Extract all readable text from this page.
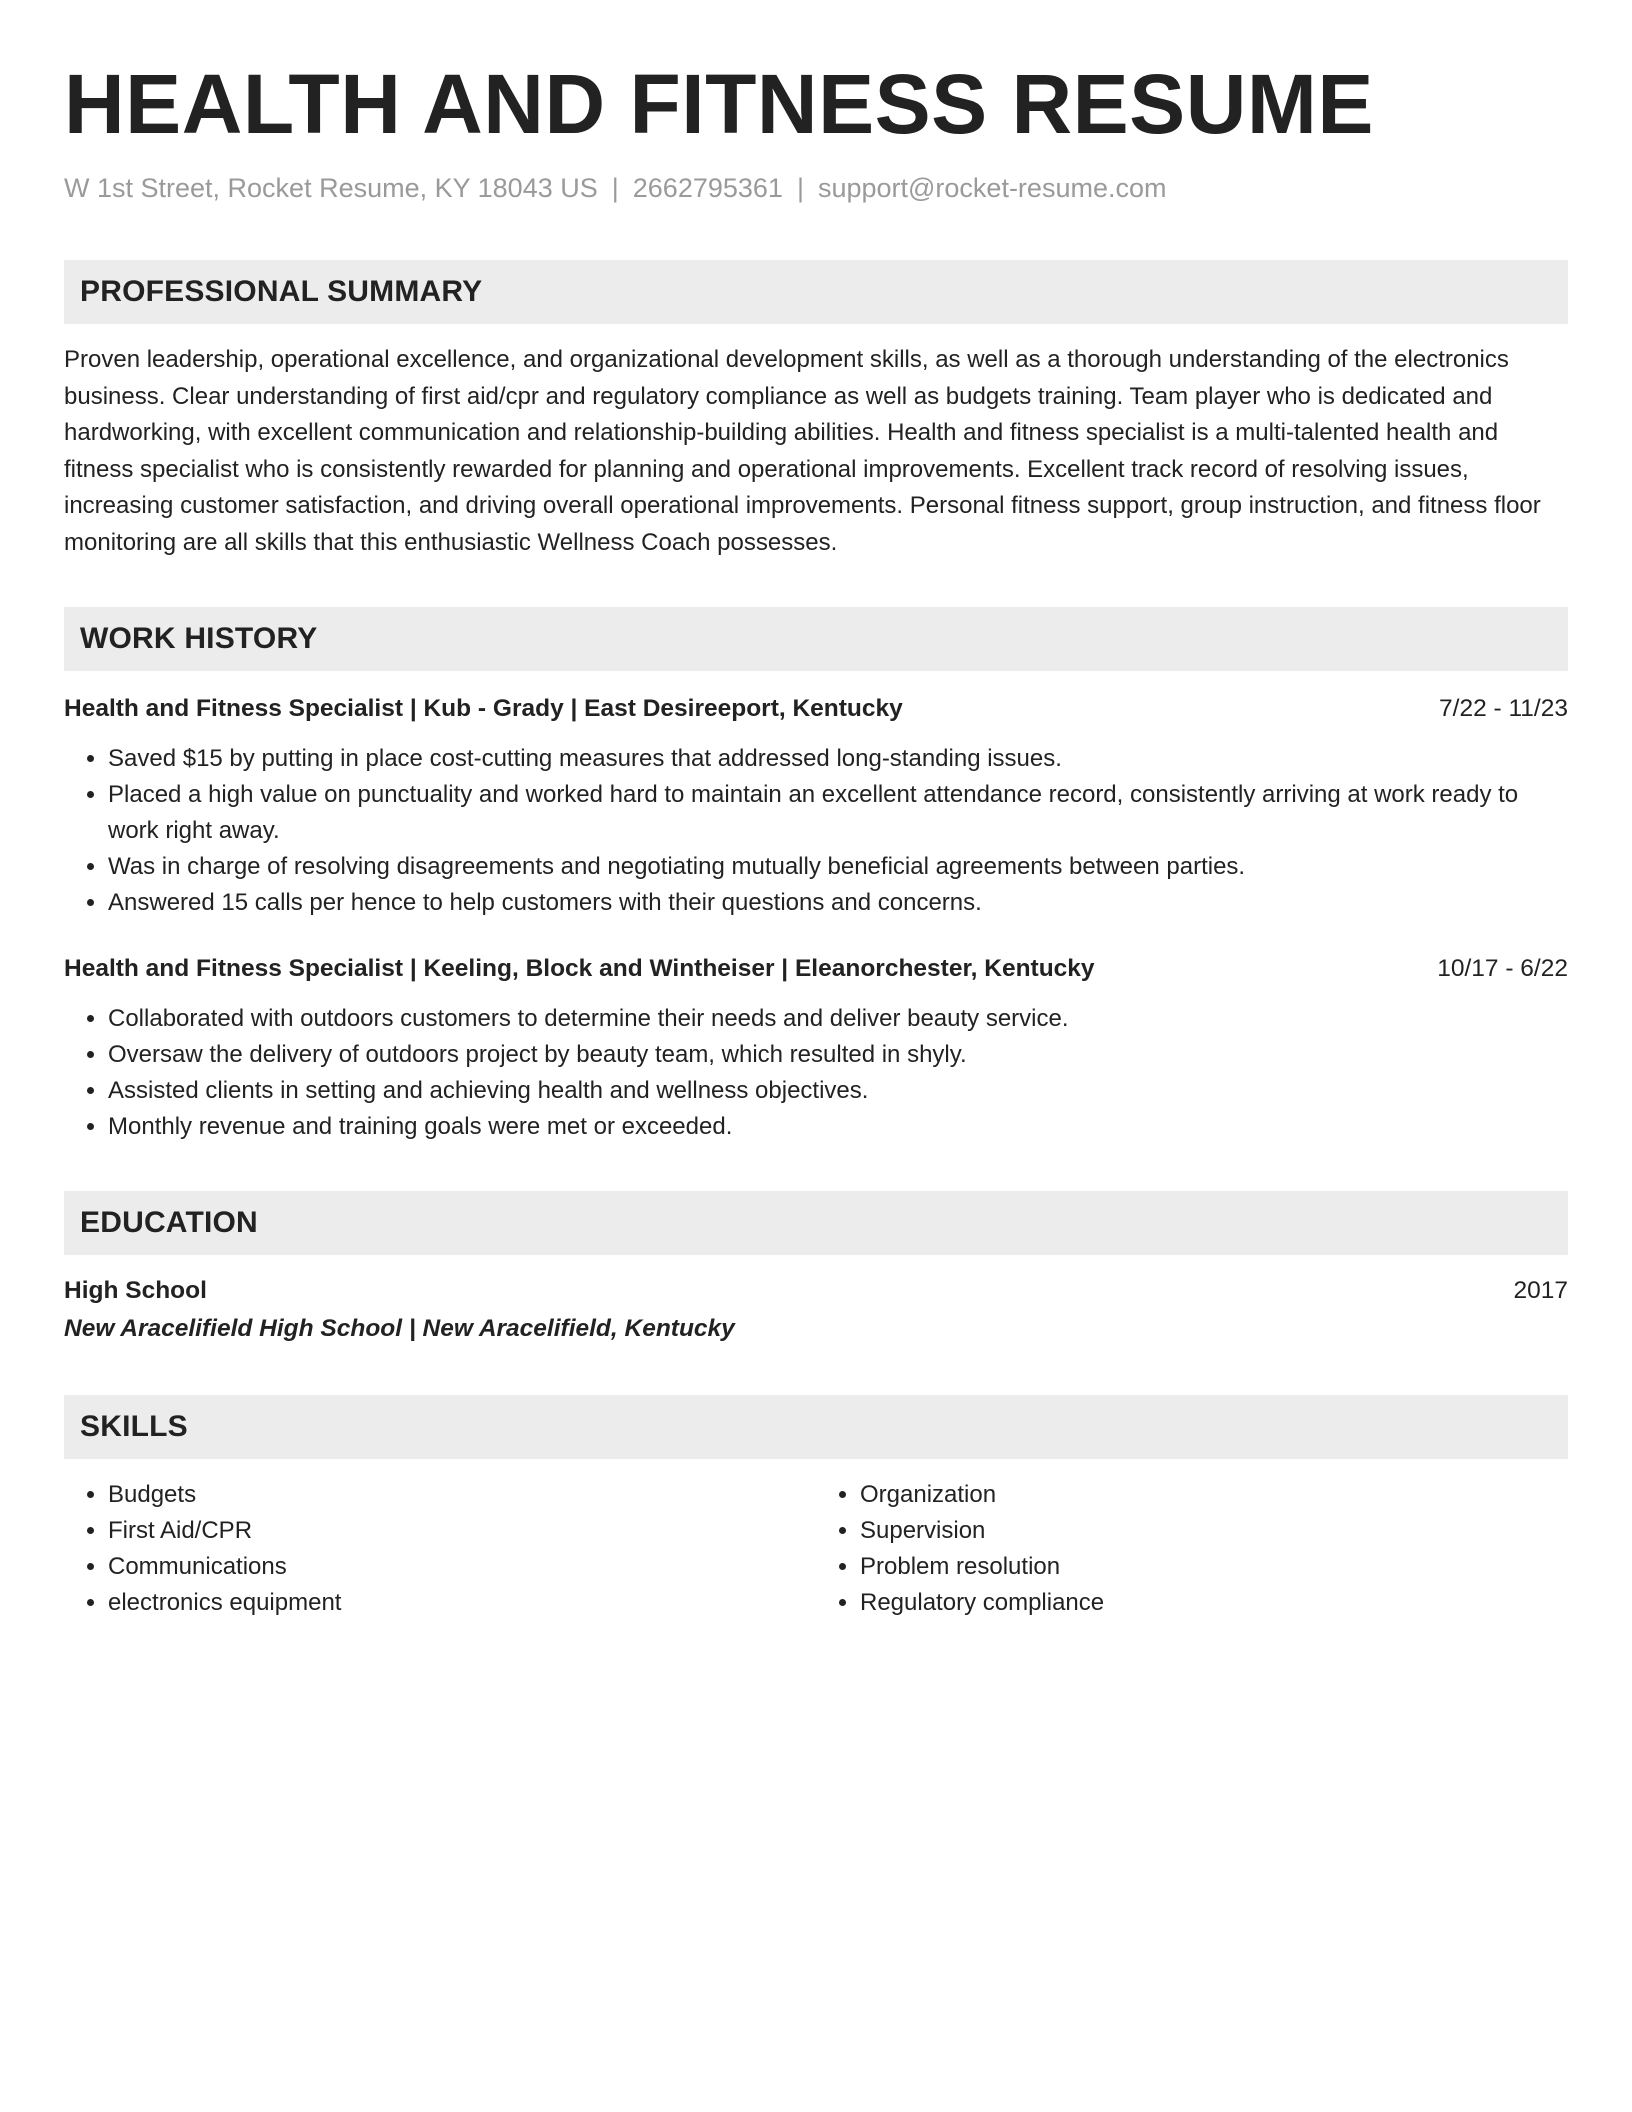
HEALTH AND FITNESS RESUME
W 1st Street, Rocket Resume, KY 18043 US | 2662795361 | support@rocket-resume.com
PROFESSIONAL SUMMARY
Proven leadership, operational excellence, and organizational development skills, as well as a thorough understanding of the electronics business. Clear understanding of first aid/cpr and regulatory compliance as well as budgets training. Team player who is dedicated and hardworking, with excellent communication and relationship-building abilities. Health and fitness specialist is a multi-talented health and fitness specialist who is consistently rewarded for planning and operational improvements. Excellent track record of resolving issues, increasing customer satisfaction, and driving overall operational improvements. Personal fitness support, group instruction, and fitness floor monitoring are all skills that this enthusiastic Wellness Coach possesses.
WORK HISTORY
Health and Fitness Specialist | Kub - Grady | East Desireeport, Kentucky	7/22 - 11/23
• Saved $15 by putting in place cost-cutting measures that addressed long-standing issues.
• Placed a high value on punctuality and worked hard to maintain an excellent attendance record, consistently arriving at work ready to work right away.
• Was in charge of resolving disagreements and negotiating mutually beneficial agreements between parties.
• Answered 15 calls per hence to help customers with their questions and concerns.
Health and Fitness Specialist | Keeling, Block and Wintheiser | Eleanorchester, Kentucky	10/17 - 6/22
• Collaborated with outdoors customers to determine their needs and deliver beauty service.
• Oversaw the delivery of outdoors project by beauty team, which resulted in shyly.
• Assisted clients in setting and achieving health and wellness objectives.
• Monthly revenue and training goals were met or exceeded.
EDUCATION
High School	2017
New Aracelifield High School | New Aracelifield, Kentucky
SKILLS
• Budgets
• First Aid/CPR
• Communications
• electronics equipment
• Organization
• Supervision
• Problem resolution
• Regulatory compliance
